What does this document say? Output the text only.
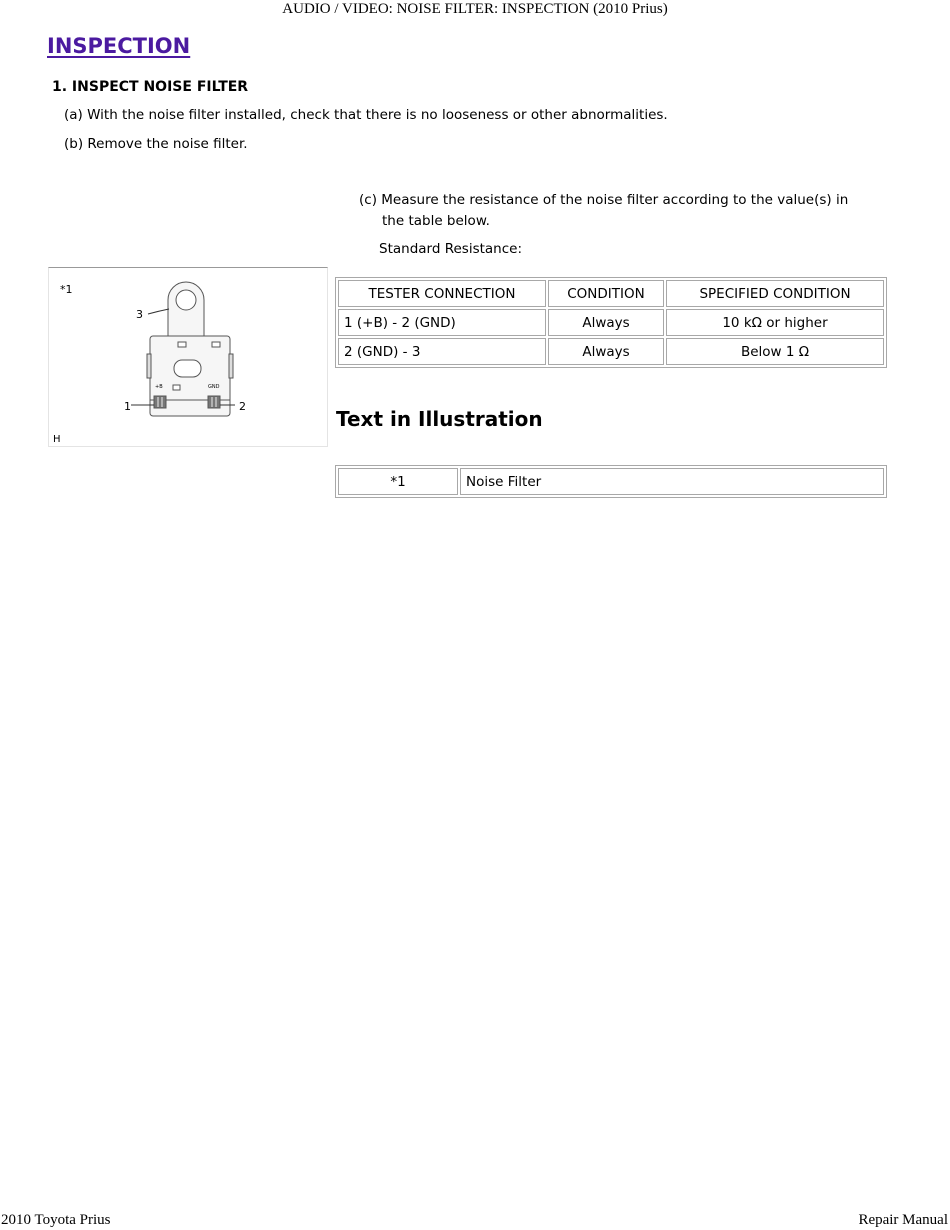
AUDIO / VIDEO: NOISE FILTER: INSPECTION (2010 Prius)
INSPECTION
1. INSPECT NOISE FILTER

(a) With the noise filter installed, check that there is no looseness or other abnormalities.

(b) Remove the noise filter.

(c) Measure the resistance of the noise filter according to the value(s) in

the table below.

Standard Resistance:

*1
H
3
1	2
+B	GND
TESTER CONNECTION	CONDITION	SPECIFIED CONDITION
1 (+B) - 2 (GND)	Always	10 kΩ or higher
2 (GND) - 3	Always	Below 1 Ω
Text in Illustration
*1	Noise Filter
2010 Toyota Prius	Repair Manual
